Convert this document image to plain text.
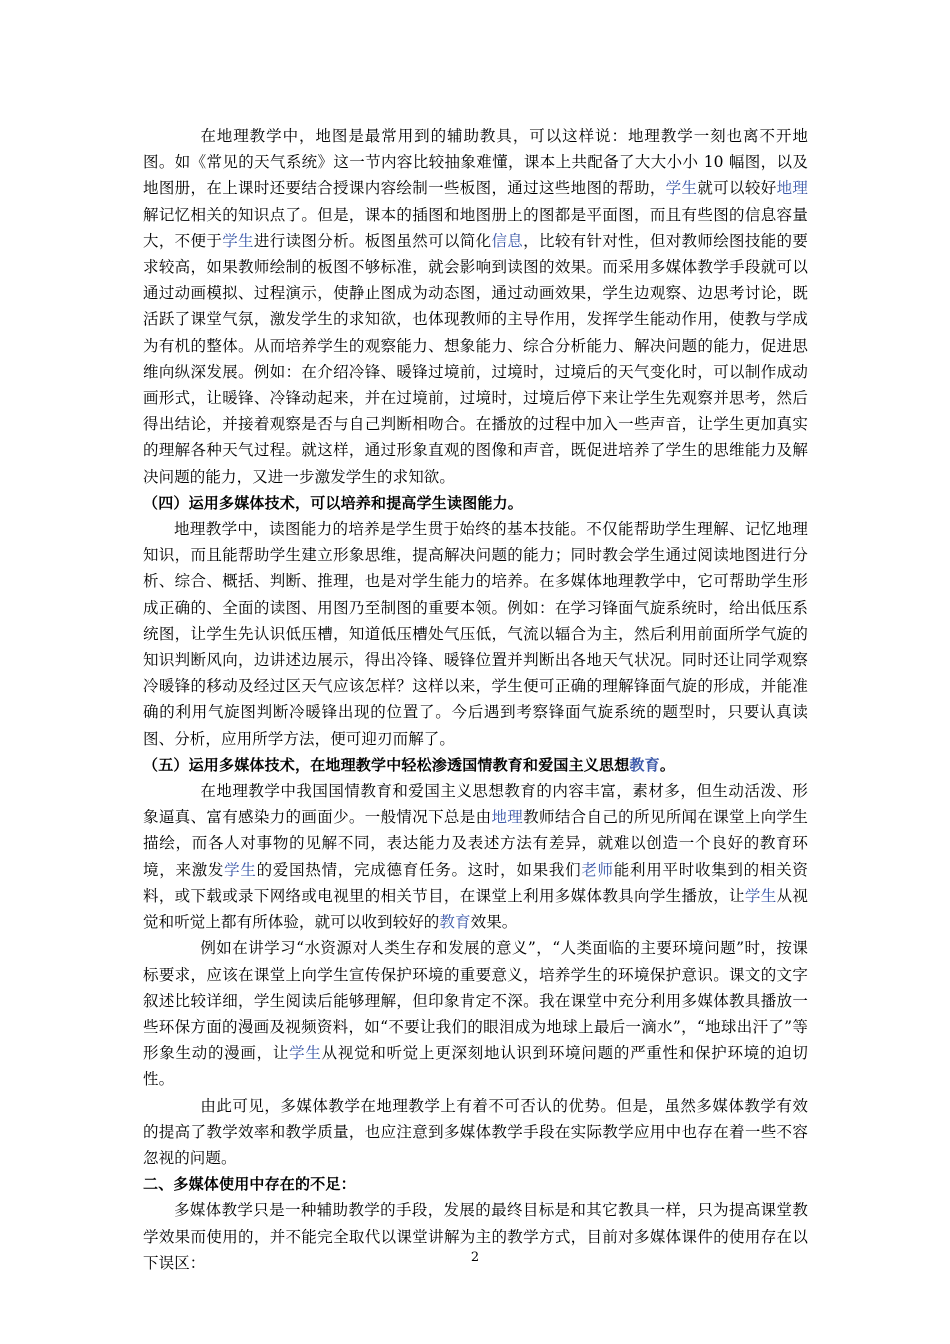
在地理教学中，地图是最常用到的辅助教具，可以这样说：地理教学一刻也离不开地图。如《常见的天气系统》这一节内容比较抽象难懂，课本上共配备了大大小小 10 幅图，以及地图册，在上课时还要结合授课内容绘制一些板图，通过这些地图的帮助，学生就可以较好地理解记忆相关的知识点了。但是，课本的插图和地图册上的图都是平面图，而且有些图的信息容量大，不便于学生进行读图分析。板图虽然可以简化信息，比较有针对性，但对教师绘图技能的要求较高，如果教师绘制的板图不够标准，就会影响到读图的效果。而采用多媒体教学手段就可以通过动画模拟、过程演示，使静止图成为动态图，通过动画效果，学生边观察、边思考讨论，既活跃了课堂气氛，激发学生的求知欲，也体现教师的主导作用，发挥学生能动作用，使教与学成为有机的整体。从而培养学生的观察能力、想象能力、综合分析能力、解决问题的能力，促进思维向纵深发展。例如：在介绍冷锋、暖锋过境前，过境时，过境后的天气变化时，可以制作成动画形式，让暖锋、冷锋动起来，并在过境前，过境时，过境后停下来让学生先观察并思考，然后得出结论，并接着观察是否与自己判断相吻合。在播放的过程中加入一些声音，让学生更加真实的理解各种天气过程。就这样，通过形象直观的图像和声音，既促进培养了学生的思维能力及解决问题的能力，又进一步激发学生的求知欲。

（四）运用多媒体技术，可以培养和提高学生读图能力。

地理教学中，读图能力的培养是学生贯于始终的基本技能。不仅能帮助学生理解、记忆地理知识，而且能帮助学生建立形象思维，提高解决问题的能力；同时教会学生通过阅读地图进行分析、综合、概括、判断、推理，也是对学生能力的培养。在多媒体地理教学中，它可帮助学生形成正确的、全面的读图、用图乃至制图的重要本领。例如：在学习锋面气旋系统时，给出低压系统图，让学生先认识低压槽，知道低压槽处气压低，气流以辐合为主，然后利用前面所学气旋的知识判断风向，边讲述边展示，得出冷锋、暖锋位置并判断出各地天气状况。同时还让同学观察冷暖锋的移动及经过区天气应该怎样？这样以来，学生便可正确的理解锋面气旋的形成，并能准确的利用气旋图判断冷暖锋出现的位置了。今后遇到考察锋面气旋系统的题型时，只要认真读图、分析，应用所学方法，便可迎刃而解了。

（五）运用多媒体技术，在地理教学中轻松渗透国情教育和爱国主义思想教育。

在地理教学中我国国情教育和爱国主义思想教育的内容丰富，素材多，但生动活泼、形象逼真、富有感染力的画面少。一般情况下总是由地理教师结合自己的所见所闻在课堂上向学生描绘，而各人对事物的见解不同，表达能力及表述方法有差异，就难以创造一个良好的教育环境，来激发学生的爱国热情，完成德育任务。这时，如果我们老师能利用平时收集到的相关资料，或下载或录下网络或电视里的相关节目，在课堂上利用多媒体教具向学生播放，让学生从视觉和听觉上都有所体验，就可以收到较好的教育效果。

例如在讲学习“水资源对人类生存和发展的意义”，“人类面临的主要环境问题”时，按课标要求，应该在课堂上向学生宣传保护环境的重要意义，培养学生的环境保护意识。课文的文字叙述比较详细，学生阅读后能够理解，但印象肯定不深。我在课堂中充分利用多媒体教具播放一些环保方面的漫画及视频资料，如“不要让我们的眼泪成为地球上最后一滴水”，“地球出汗了”等形象生动的漫画，让学生从视觉和听觉上更深刻地认识到环境问题的严重性和保护环境的迫切性。

由此可见，多媒体教学在地理教学上有着不可否认的优势。但是，虽然多媒体教学有效的提高了教学效率和教学质量，也应注意到多媒体教学手段在实际教学应用中也存在着一些不容忽视的问题。

二、多媒体使用中存在的不足：

多媒体教学只是一种辅助教学的手段，发展的最终目标是和其它教具一样，只为提高课堂教学效果而使用的，并不能完全取代以课堂讲解为主的教学方式，目前对多媒体课件的使用存在以下误区：	2
